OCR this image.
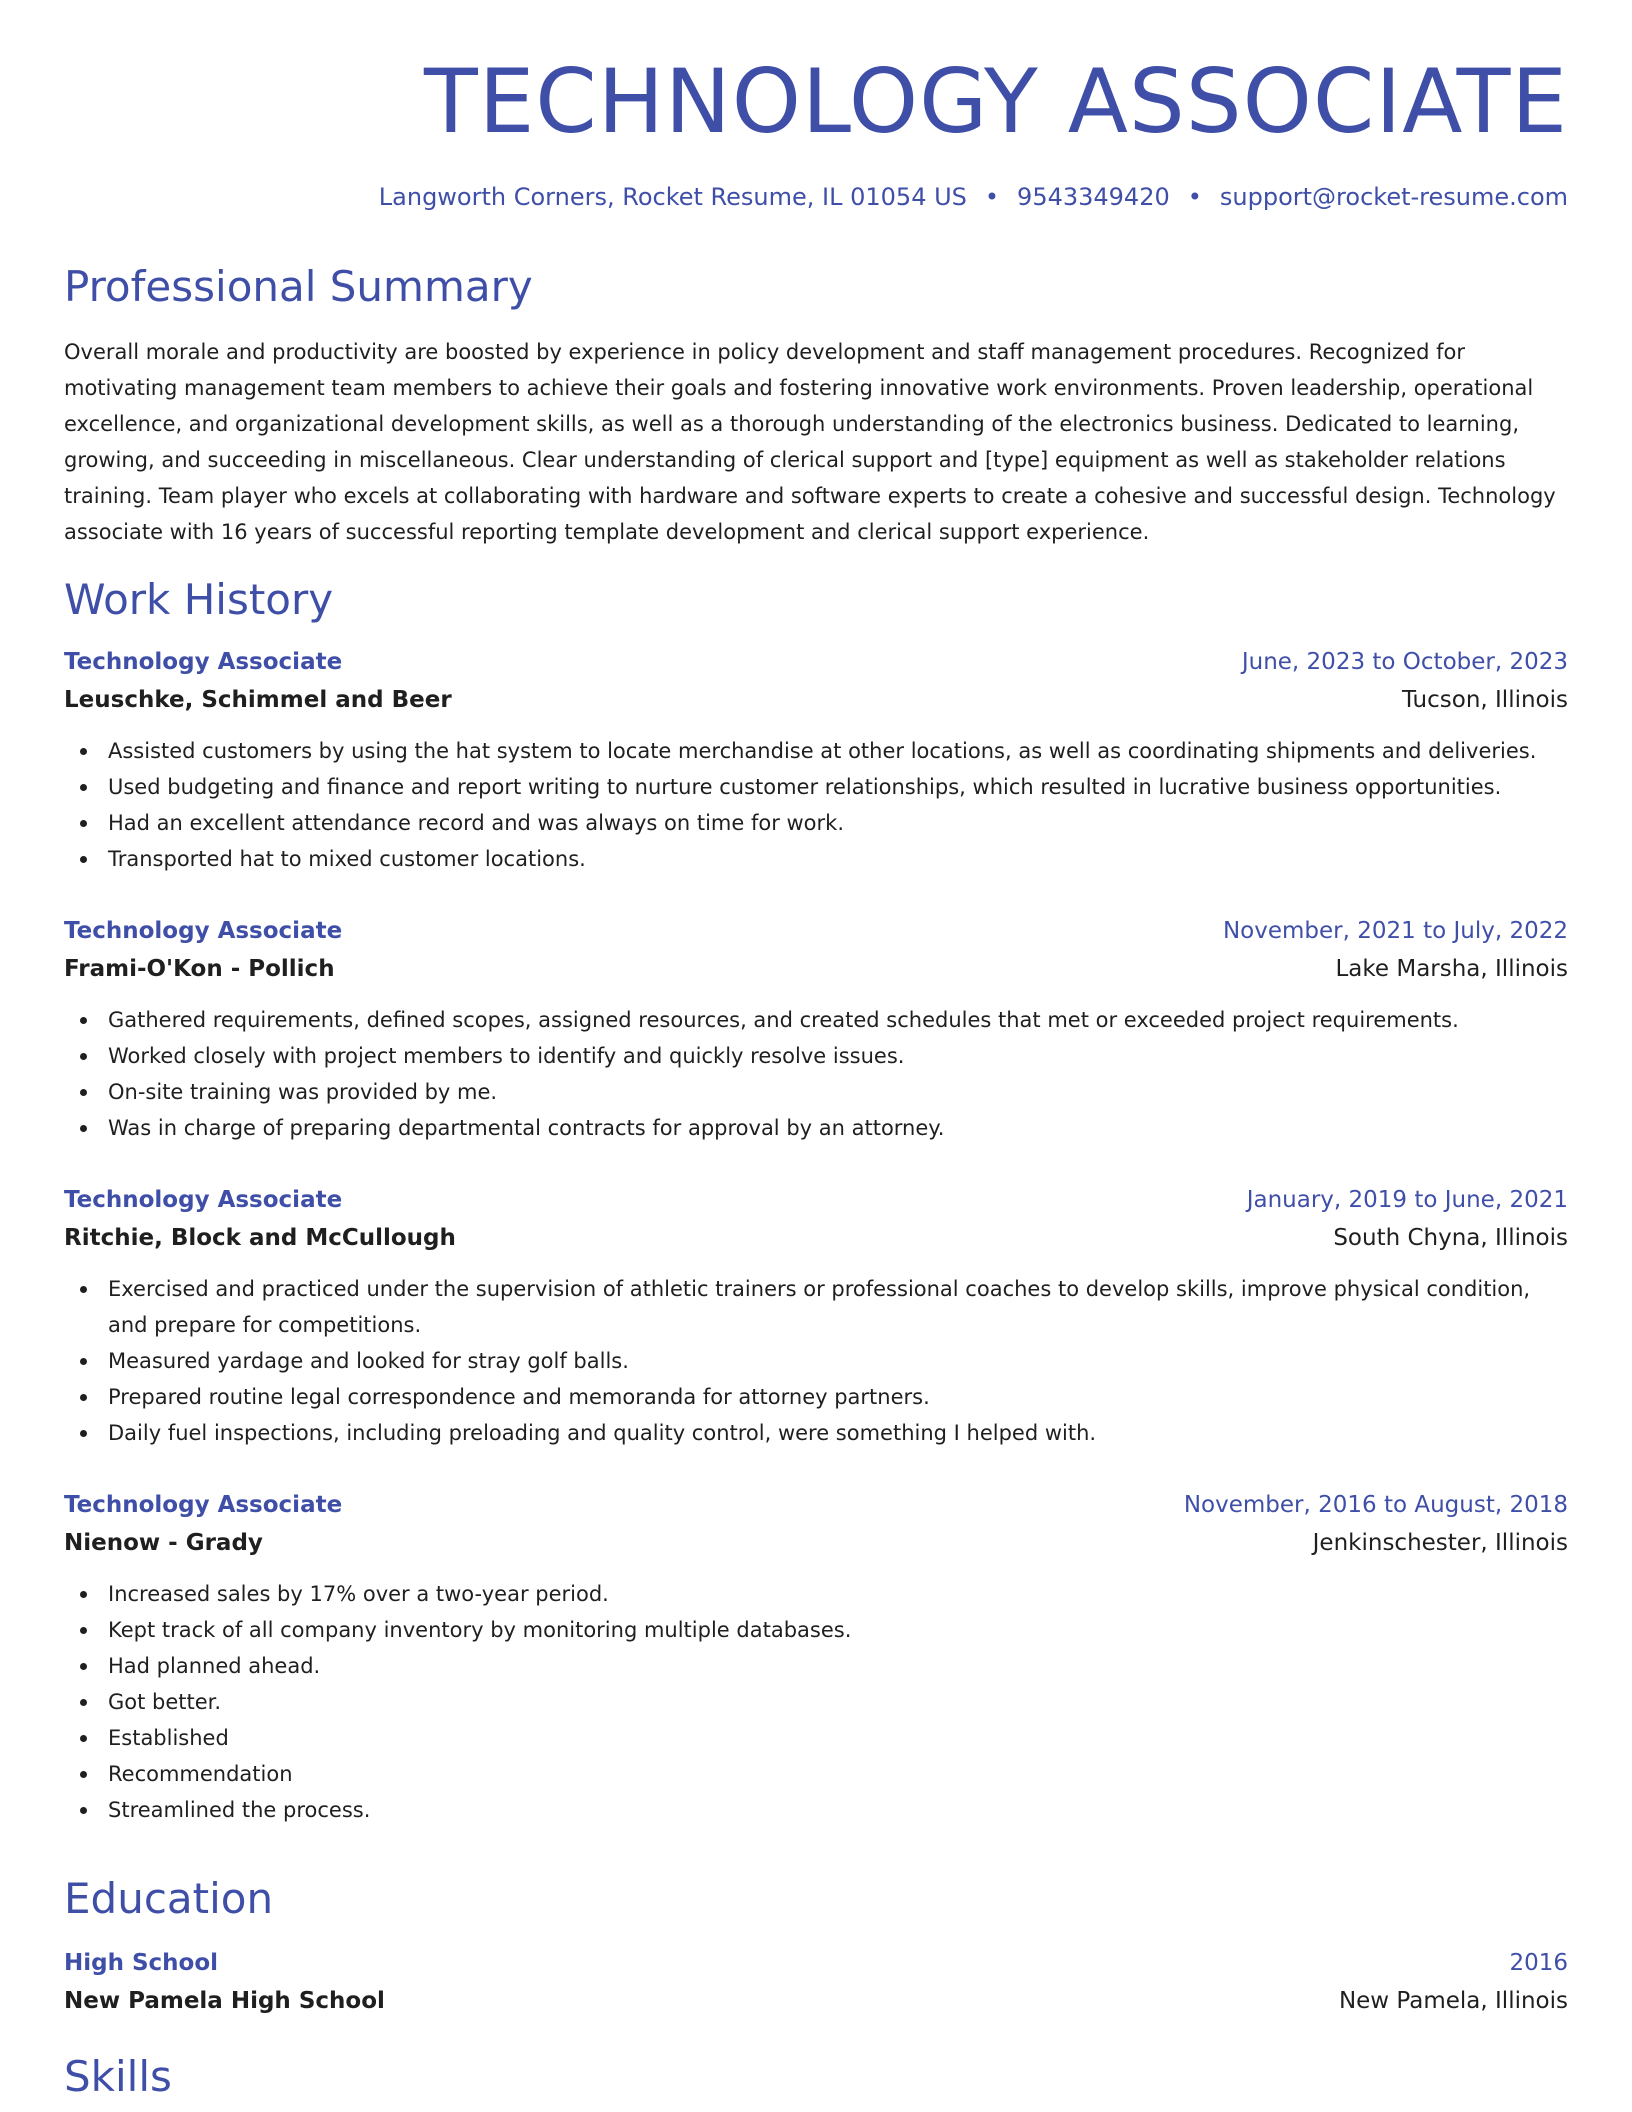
TECHNOLOGY ASSOCIATE
Langworth Corners, Rocket Resume, IL 01054 US • 9543349420 • support@rocket-resume.com
Professional Summary

Overall morale and productivity are boosted by experience in policy development and staff management procedures. Recognized for motivating management team members to achieve their goals and fostering innovative work environments. Proven leadership, operational excellence, and organizational development skills, as well as a thorough understanding of the electronics business. Dedicated to learning, growing, and succeeding in miscellaneous. Clear understanding of clerical support and [type] equipment as well as stakeholder relations training. Team player who excels at collaborating with hardware and software experts to create a cohesive and successful design. Technology associate with 16 years of successful reporting template development and clerical support experience.

Work History
Technology Associate	June, 2023 to October, 2023
Leuschke, Schimmel and Beer	Tucson, Illinois
Assisted customers by using the hat system to locate merchandise at other locations, as well as coordinating shipments and deliveries.
Used budgeting and finance and report writing to nurture customer relationships, which resulted in lucrative business opportunities.
Had an excellent attendance record and was always on time for work.
Transported hat to mixed customer locations.
Technology Associate	November, 2021 to July, 2022
Frami-O'Kon - Pollich	Lake Marsha, Illinois
Gathered requirements, defined scopes, assigned resources, and created schedules that met or exceeded project requirements.
Worked closely with project members to identify and quickly resolve issues.
On-site training was provided by me.
Was in charge of preparing departmental contracts for approval by an attorney.
Technology Associate	January, 2019 to June, 2021
Ritchie, Block and McCullough	South Chyna, Illinois
Exercised and practiced under the supervision of athletic trainers or professional coaches to develop skills, improve physical condition, and prepare for competitions.
Measured yardage and looked for stray golf balls.
Prepared routine legal correspondence and memoranda for attorney partners.
Daily fuel inspections, including preloading and quality control, were something I helped with.
Technology Associate	November, 2016 to August, 2018
Nienow - Grady	Jenkinschester, Illinois
Increased sales by 17% over a two-year period.
Kept track of all company inventory by monitoring multiple databases.
Had planned ahead.
Got better.
Established
Recommendation
Streamlined the process.
Education
High School	2016
New Pamela High School	New Pamela, Illinois
Skills
